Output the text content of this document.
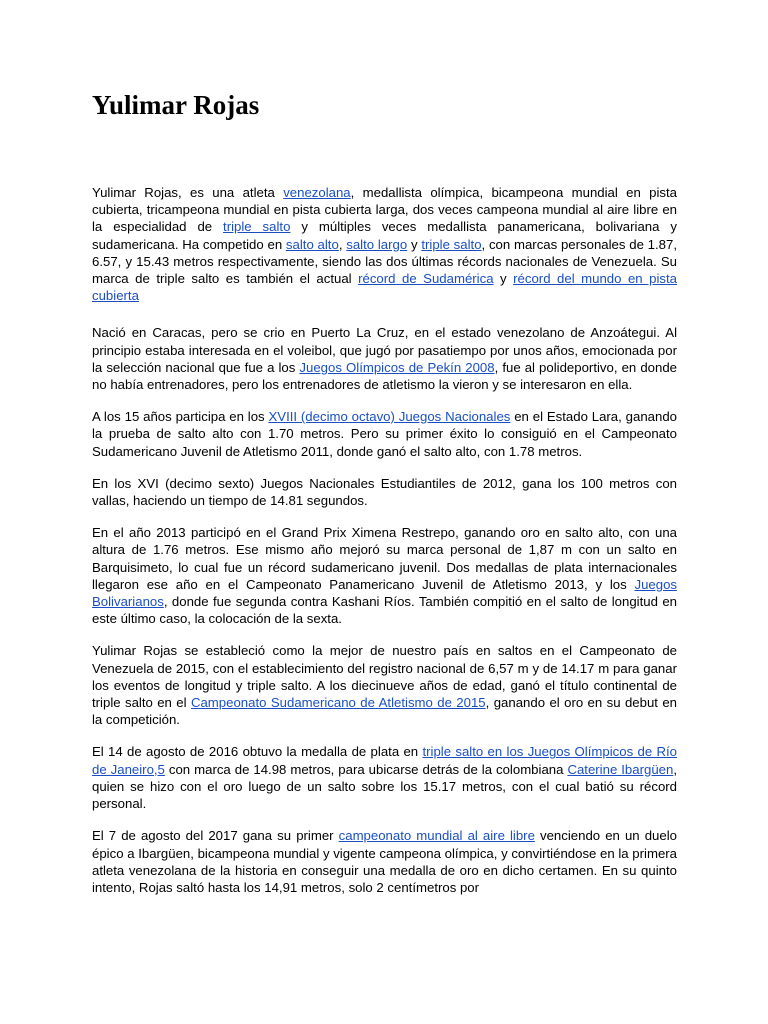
Yulimar Rojas

Yulimar Rojas, es una atleta venezolana, medallista olímpica, bicampeona mundial en pista cubierta, tricampeona mundial en pista cubierta larga, dos veces campeona mundial al aire libre en la especialidad de triple salto y múltiples veces medallista panamericana, bolivariana y sudamericana. Ha competido en salto alto, salto largo y triple salto, con marcas personales de 1.87, 6.57, y 15.43 metros respectivamente, siendo las dos últimas récords nacionales de Venezuela. Su marca de triple salto es también el actual récord de Sudamérica y récord del mundo en pista cubierta

Nació en Caracas, pero se crio en Puerto La Cruz, en el estado venezolano de Anzoátegui. Al principio estaba interesada en el voleibol, que jugó por pasatiempo por unos años, emocionada por la selección nacional que fue a los Juegos Olímpicos de Pekín 2008, fue al polideportivo, en donde no había entrenadores, pero los entrenadores de atletismo la vieron y se interesaron en ella.

A los 15 años participa en los XVIII (decimo octavo) Juegos Nacionales en el Estado Lara, ganando la prueba de salto alto con 1.70 metros. Pero su primer éxito lo consiguió en el Campeonato Sudamericano Juvenil de Atletismo 2011, donde ganó el salto alto, con 1.78 metros.

En los XVI (decimo sexto) Juegos Nacionales Estudiantiles de 2012, gana los 100 metros con vallas, haciendo un tiempo de 14.81 segundos.

En el año 2013 participó en el Grand Prix Ximena Restrepo, ganando oro en salto alto, con una altura de 1.76 metros. Ese mismo año mejoró su marca personal de 1,87 m con un salto en Barquisimeto, lo cual fue un récord sudamericano juvenil. Dos medallas de plata internacionales llegaron ese año en el Campeonato Panamericano Juvenil de Atletismo 2013, y los Juegos Bolivarianos, donde fue segunda contra Kashani Ríos. También compitió en el salto de longitud en este último caso, la colocación de la sexta.

Yulimar Rojas se estableció como la mejor de nuestro país en saltos en el Campeonato de Venezuela de 2015, con el establecimiento del registro nacional de 6,57 m y de 14.17 m para ganar los eventos de longitud y triple salto. A los diecinueve años de edad, ganó el título continental de triple salto en el Campeonato Sudamericano de Atletismo de 2015, ganando el oro en su debut en la competición.

El 14 de agosto de 2016 obtuvo la medalla de plata en triple salto en los Juegos Olímpicos de Río de Janeiro,5 con marca de 14.98 metros, para ubicarse detrás de la colombiana Caterine Ibargüen, quien se hizo con el oro luego de un salto sobre los 15.17 metros, con el cual batió su récord personal.

El 7 de agosto del 2017 gana su primer campeonato mundial al aire libre venciendo en un duelo épico a Ibargüen, bicampeona mundial y vigente campeona olímpica, y convirtiéndose en la primera atleta venezolana de la historia en conseguir una medalla de oro en dicho certamen. En su quinto intento, Rojas saltó hasta los 14,91 metros, solo 2 centímetros por
